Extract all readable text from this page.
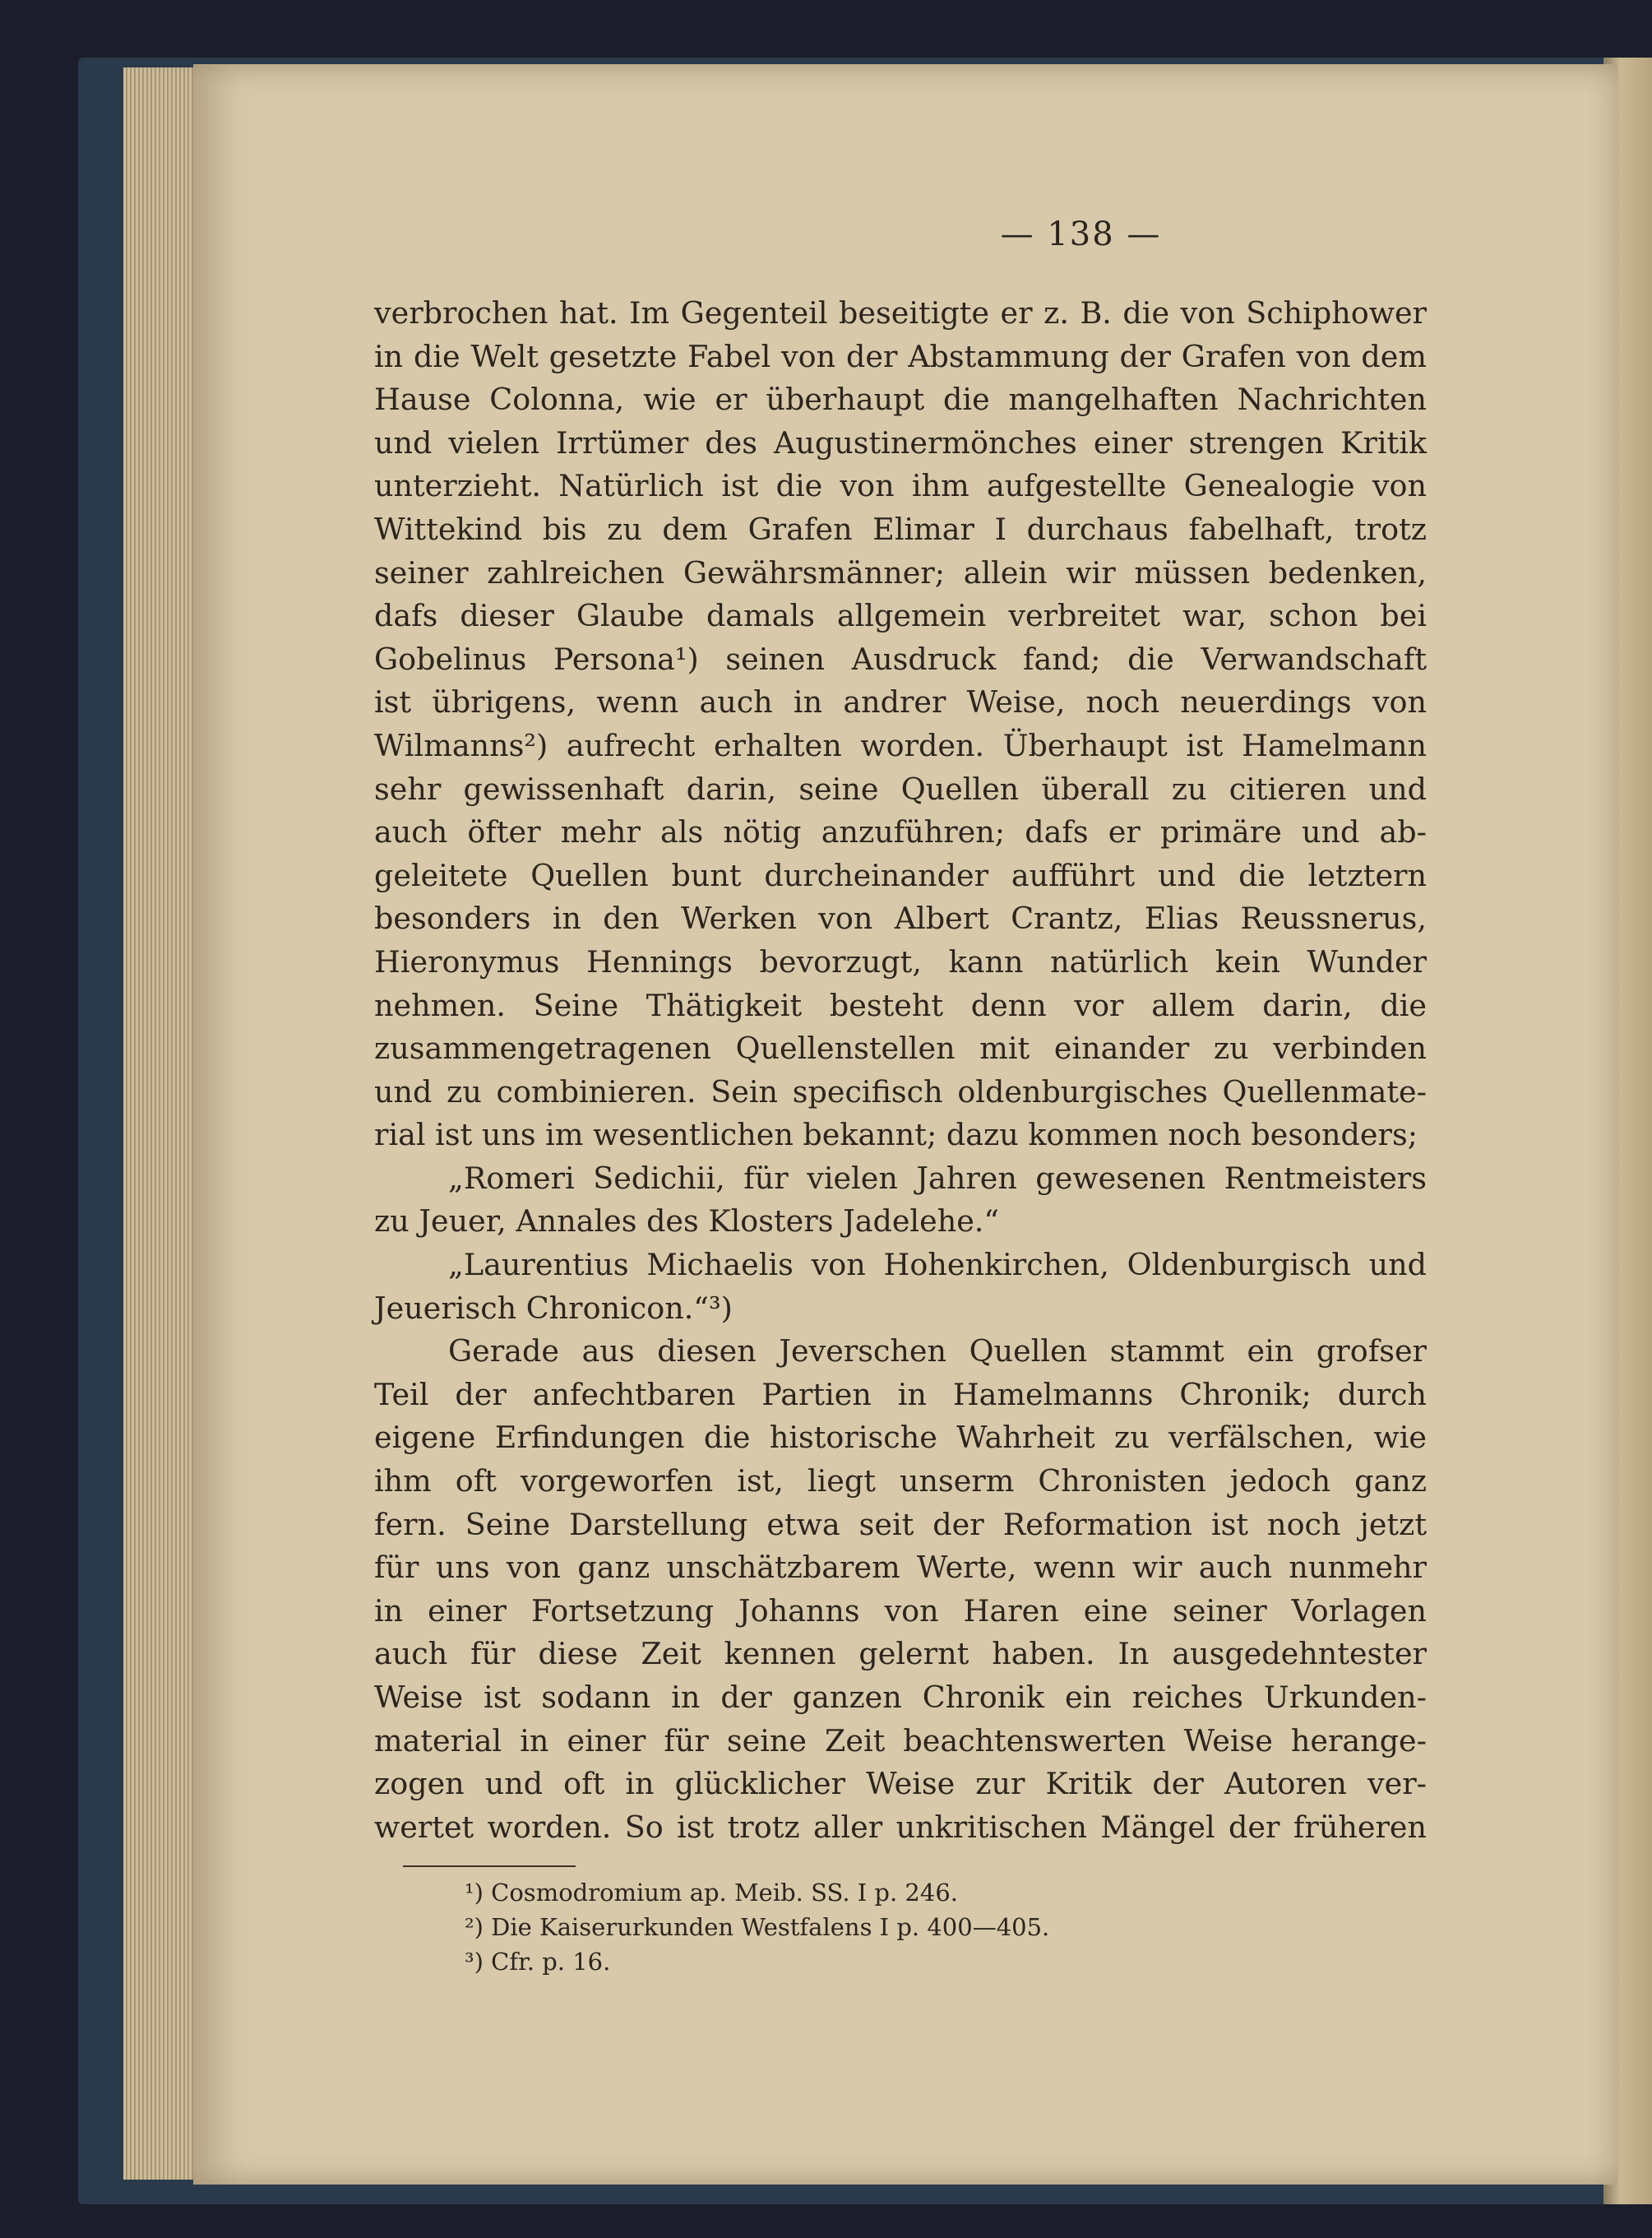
— 138 —
verbrochen hat. Im Gegenteil beseitigte er z. B. die von Schiphower
in die Welt gesetzte Fabel von der Abstammung der Grafen von dem
Hause Colonna, wie er überhaupt die mangelhaften Nachrichten
und vielen Irrtümer des Augustinermönches einer strengen Kritik
unterzieht. Natürlich ist die von ihm aufgestellte Genealogie von
Wittekind bis zu dem Grafen Elimar I durchaus fabelhaft, trotz
seiner zahlreichen Gewährsmänner; allein wir müssen bedenken,
dafs dieser Glaube damals allgemein verbreitet war, schon bei
Gobelinus Persona¹) seinen Ausdruck fand; die Verwandschaft
ist übrigens, wenn auch in andrer Weise, noch neuerdings von
Wilmanns²) aufrecht erhalten worden. Überhaupt ist Hamelmann
sehr gewissenhaft darin, seine Quellen überall zu citieren und
auch öfter mehr als nötig anzuführen; dafs er primäre und ab-
geleitete Quellen bunt durcheinander aufführt und die letztern
besonders in den Werken von Albert Crantz, Elias Reussnerus,
Hieronymus Hennings bevorzugt, kann natürlich kein Wunder
nehmen. Seine Thätigkeit besteht denn vor allem darin, die
zusammengetragenen Quellenstellen mit einander zu verbinden
und zu combinieren. Sein specifisch oldenburgisches Quellenmate-
rial ist uns im wesentlichen bekannt; dazu kommen noch besonders;
„Romeri Sedichii, für vielen Jahren gewesenen Rentmeisters
zu Jeuer, Annales des Klosters Jadelehe.“
„Laurentius Michaelis von Hohenkirchen, Oldenburgisch und
Jeuerisch Chronicon.“³)
Gerade aus diesen Jeverschen Quellen stammt ein grofser
Teil der anfechtbaren Partien in Hamelmanns Chronik; durch
eigene Erfindungen die historische Wahrheit zu verfälschen, wie
ihm oft vorgeworfen ist, liegt unserm Chronisten jedoch ganz
fern. Seine Darstellung etwa seit der Reformation ist noch jetzt
für uns von ganz unschätzbarem Werte, wenn wir auch nunmehr
in einer Fortsetzung Johanns von Haren eine seiner Vorlagen
auch für diese Zeit kennen gelernt haben. In ausgedehntester
Weise ist sodann in der ganzen Chronik ein reiches Urkunden-
material in einer für seine Zeit beachtenswerten Weise herange-
zogen und oft in glücklicher Weise zur Kritik der Autoren ver-
wertet worden. So ist trotz aller unkritischen Mängel der früheren
¹) Cosmodromium ap. Meib. SS. I p. 246.
²) Die Kaiserurkunden Westfalens I p. 400—405.
³) Cfr. p. 16.
